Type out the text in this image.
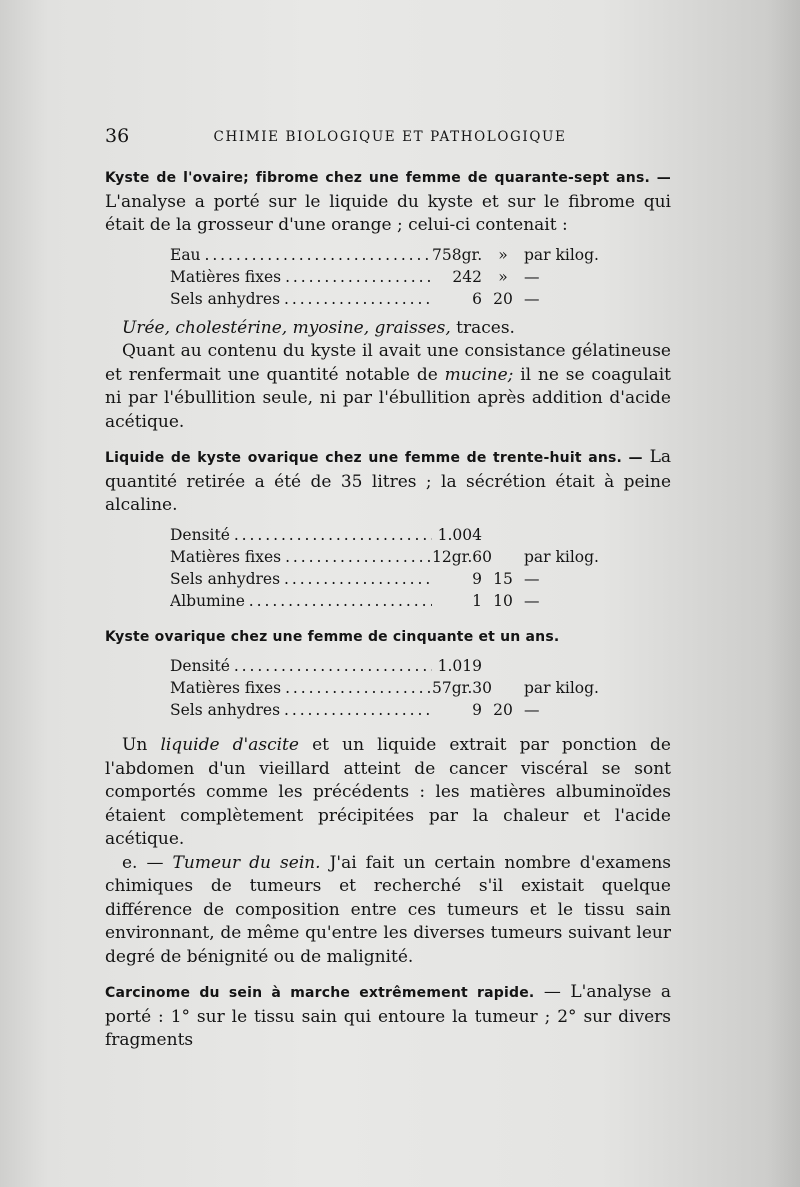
36	CHIMIE BIOLOGIQUE ET PATHOLOGIQUE

Kyste de l'ovaire; fibrome chez une femme de quarante-sept ans. — L'analyse a porté sur le liquide du kyste et sur le fibrome qui était de la grosseur d'une orange ; celui-ci contenait :

Eau . . .	758gr.	»	par kilog.
Matières fixes . . .	242	»	—
Sels anhydres . . .	6 20 —

Urée, cholestérine, myosine, graisses, traces.

Quant au contenu du kyste il avait une consistance gélatineuse et renfermait une quantité notable de mucine; il ne se coagulait ni par l'ébullition seule, ni par l'ébullition après addition d'acide acétique.

Liquide de kyste ovarique chez une femme de trente-huit ans. — La quantité retirée a été de 35 litres ; la sécrétion était à peine alcaline.

Densité . . .	1.004
Matières fixes . . .	12gr.60 par kilog.
Sels anhydres . . .	9 15 —
Albumine . . .	1 10 —

Kyste ovarique chez une femme de cinquante et un ans.

Densité . . .	1.019
Matières fixes . . .	57gr.30 par kilog.
Sels anhydres . . .	9 20 —

Un liquide d'ascite et un liquide extrait par ponction de l'abdomen d'un vieillard atteint de cancer viscéral se sont comportés comme les précédents : les matières albuminoïdes étaient complètement précipitées par la chaleur et l'acide acétique.

e. — Tumeur du sein. J'ai fait un certain nombre d'examens chimiques de tumeurs et recherché s'il existait quelque différence de composition entre ces tumeurs et le tissu sain environnant, de même qu'entre les diverses tumeurs suivant leur degré de bénignité ou de malignité.

Carcinome du sein à marche extrêmement rapide. — L'analyse a porté : 1° sur le tissu sain qui entoure la tumeur ; 2° sur divers fragments
